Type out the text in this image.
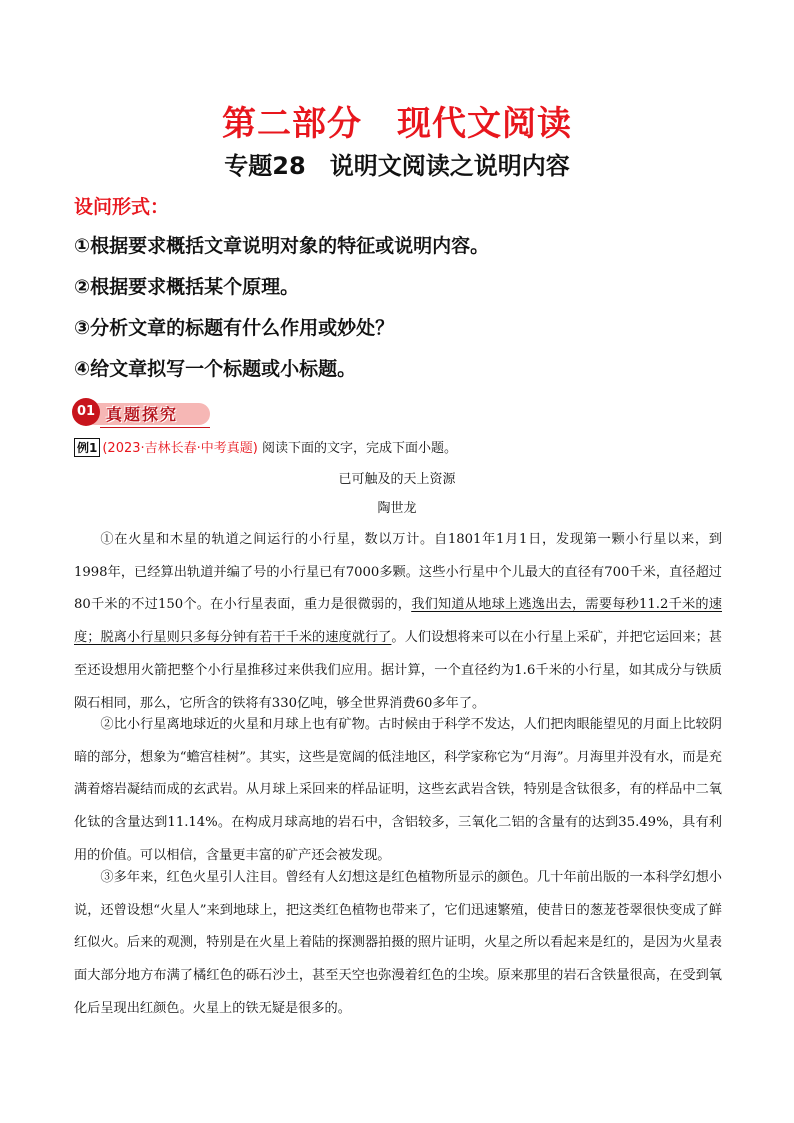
第二部分　现代文阅读
专题28　说明文阅读之说明内容
设问形式：
①根据要求概括文章说明对象的特征或说明内容。
②根据要求概括某个原理。
③分析文章的标题有什么作用或妙处？
④给文章拟写一个标题或小标题。
01 真题探究
例1 (2023·吉林长春·中考真题) 阅读下面的文字，完成下面小题。
已可触及的天上资源
陶世龙

①在火星和木星的轨道之间运行的小行星，数以万计。自1801年1月1日，发现第一颗小行星以来，到1998年，已经算出轨道并编了号的小行星已有7000多颗。这些小行星中个儿最大的直径有700千米，直径超过80千米的不过150个。在小行星表面，重力是很微弱的，我们知道从地球上逃逸出去，需要每秒11.2千米的速度；脱离小行星则只多每分钟有若干千米的速度就行了。人们设想将来可以在小行星上采矿，并把它运回来；甚至还设想用火箭把整个小行星推移过来供我们应用。据计算，一个直径约为1.6千米的小行星，如其成分与铁质陨石相同，那么，它所含的铁将有330亿吨，够全世界消费60多年了。

②比小行星离地球近的火星和月球上也有矿物。古时候由于科学不发达，人们把肉眼能望见的月面上比较阴暗的部分，想象为“蟾宫桂树”。其实，这些是宽阔的低洼地区，科学家称它为“月海”。月海里并没有水，而是充满着熔岩凝结而成的玄武岩。从月球上采回来的样品证明，这些玄武岩含铁，特别是含钛很多，有的样品中二氧化钛的含量达到11.14%。在构成月球高地的岩石中，含铝较多，三氧化二铝的含量有的达到35.49%，具有利用的价值。可以相信，含量更丰富的矿产还会被发现。

③多年来，红色火星引人注目。曾经有人幻想这是红色植物所显示的颜色。几十年前出版的一本科学幻想小说，还曾设想“火星人”来到地球上，把这类红色植物也带来了，它们迅速繁殖，使昔日的葱茏苍翠很快变成了鲜红似火。后来的观测，特别是在火星上着陆的探测器拍摄的照片证明，火星之所以看起来是红的，是因为火星表面大部分地方布满了橘红色的砾石沙土，甚至天空也弥漫着红色的尘埃。原来那里的岩石含铁量很高，在受到氧化后呈现出红颜色。火星上的铁无疑是很多的。
